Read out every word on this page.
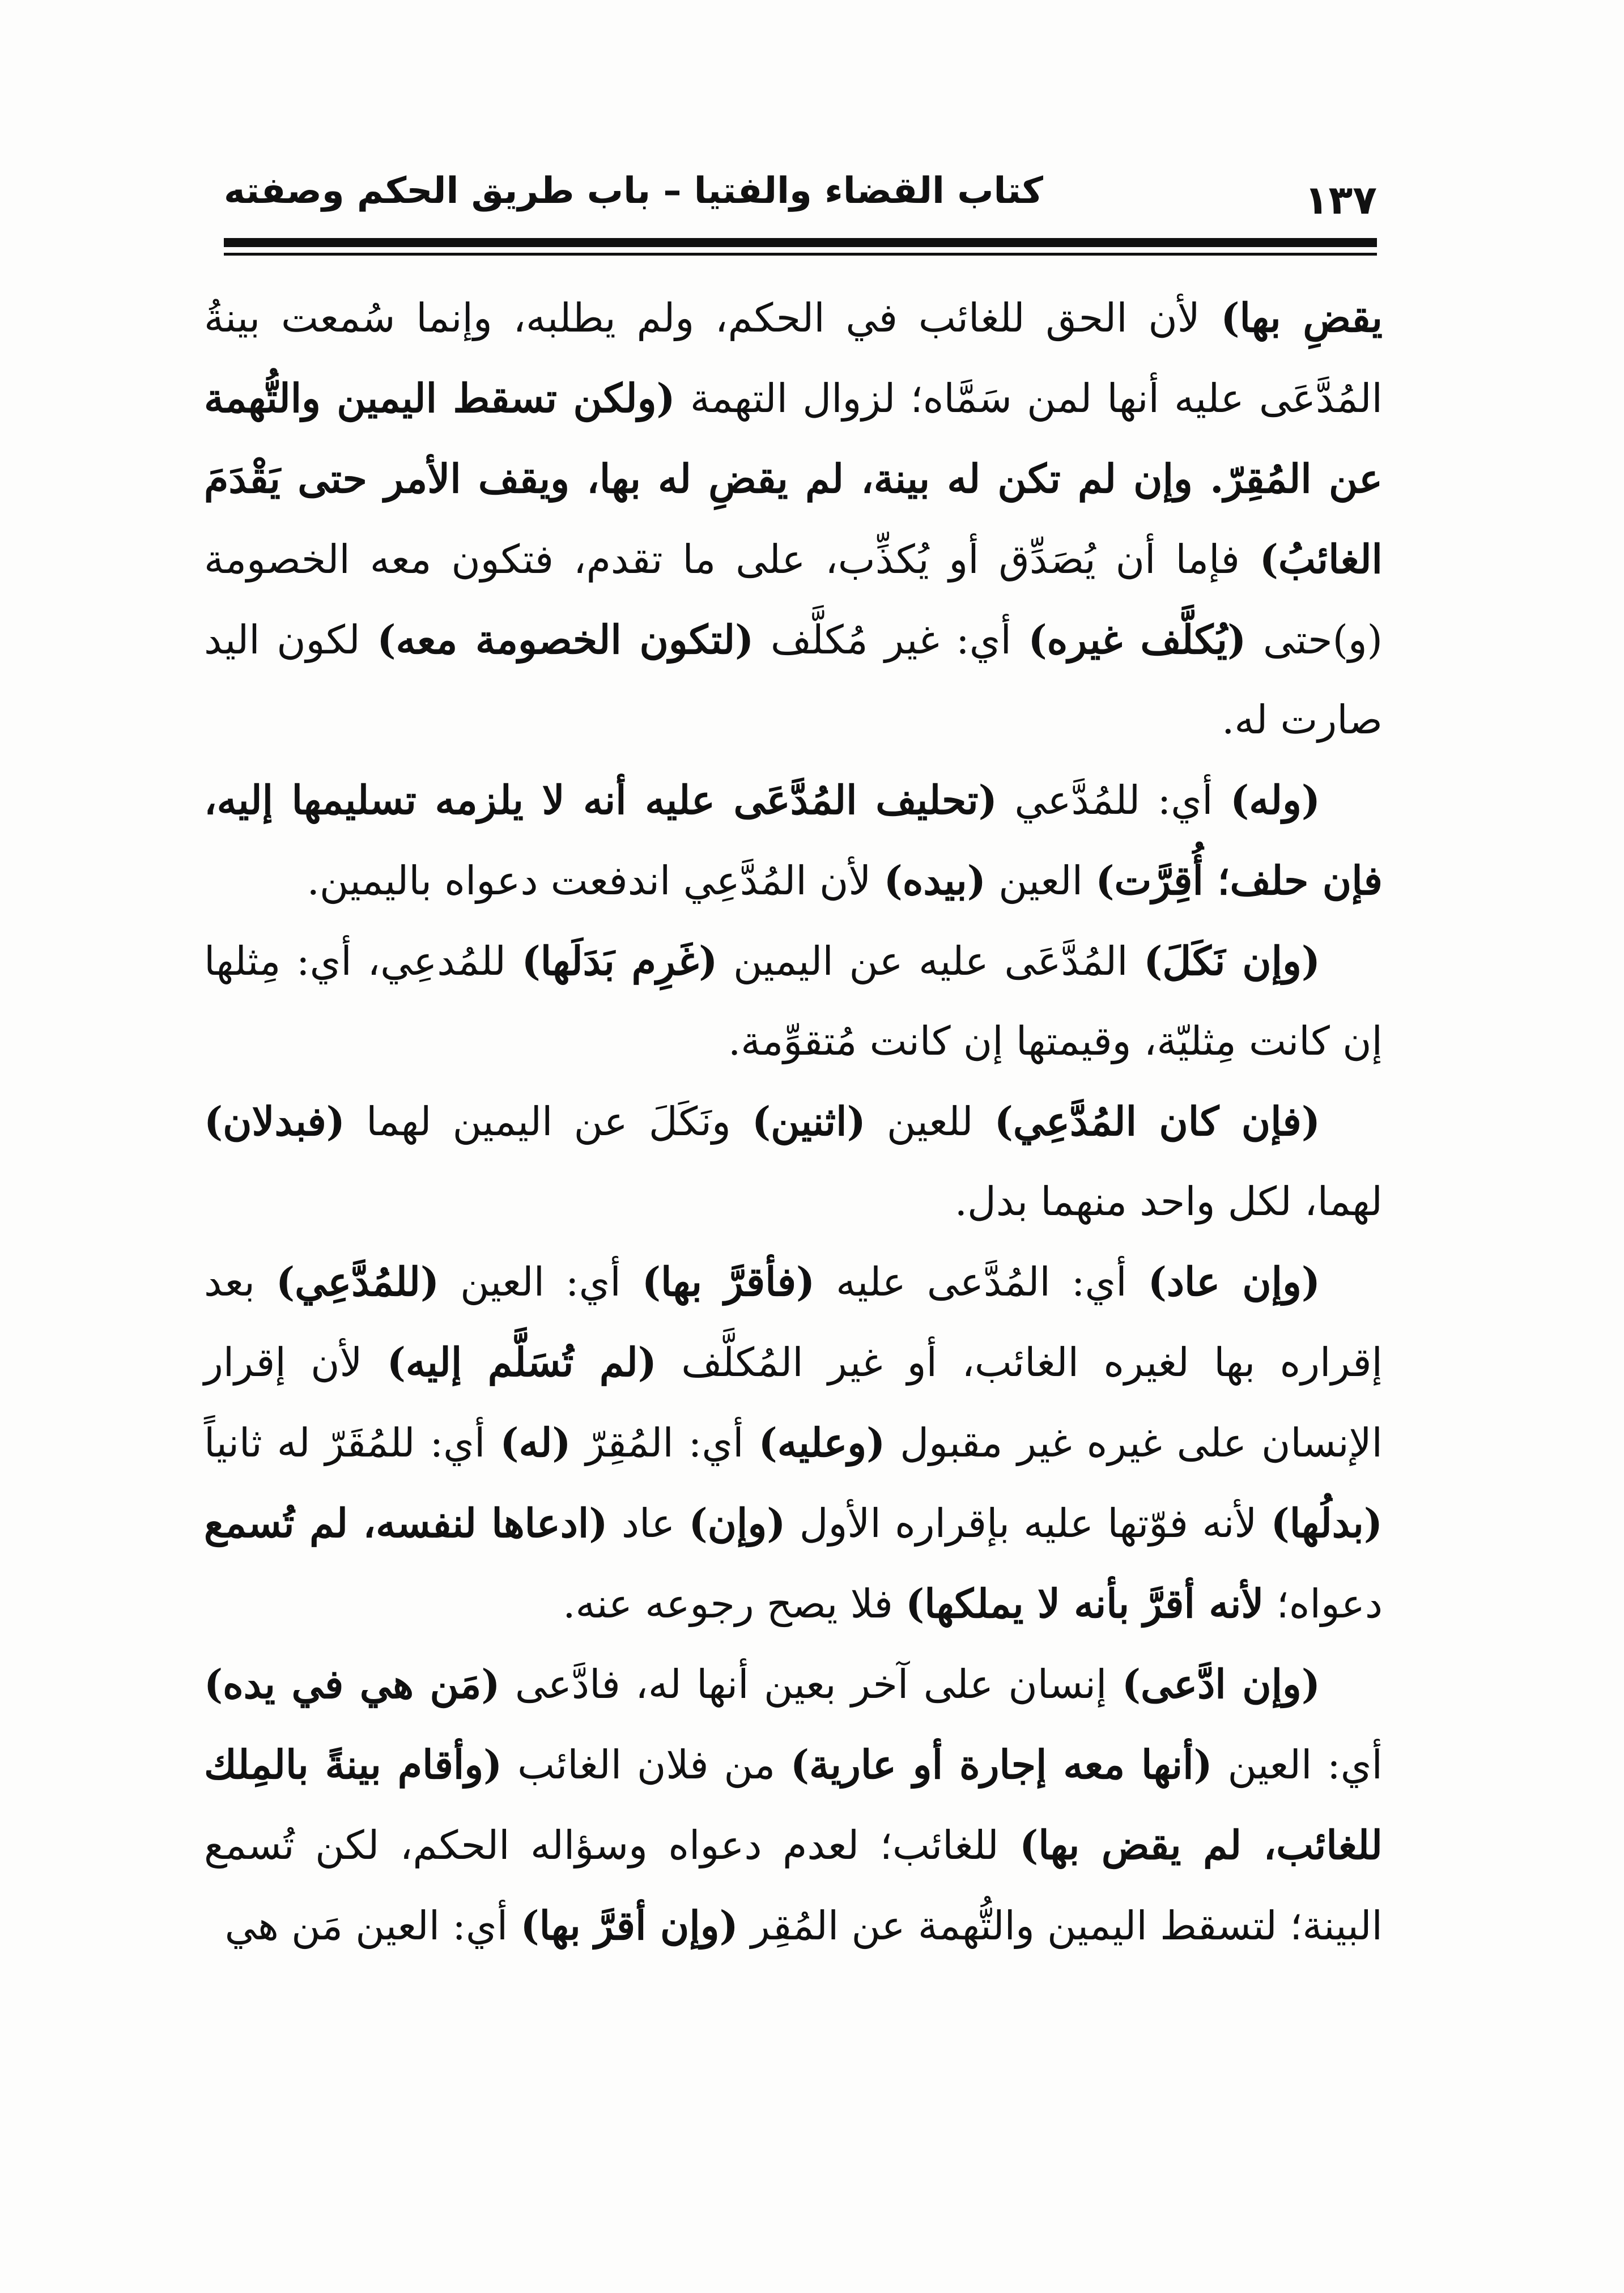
كتاب القضاء والفتيا – باب طريق الحكم وصفته	١٣٧

يقضِ بها) لأن الحق للغائب في الحكم، ولم يطلبه، وإنما سُمعت بينةُ المُدَّعَى عليه أنها لمن سَمَّاه؛ لزوال التهمة (ولكن تسقط اليمين والتُّهمة عن المُقِرّ. وإن لم تكن له بينة، لم يقضِ له بها، ويقف الأمر حتى يَقْدَمَ الغائبُ) فإما أن يُصَدِّق أو يُكذِّب، على ما تقدم، فتكون معه الخصومة (و)حتى (يُكلَّف غيره) أي: غير مُكلَّف (لتكون الخصومة معه) لكون اليد صارت له.

(وله) أي: للمُدَّعي (تحليف المُدَّعَى عليه أنه لا يلزمه تسليمها إليه، فإن حلف؛ أُقِرَّت) العين (بيده) لأن المُدَّعِي اندفعت دعواه باليمين.

(وإن نَكَلَ) المُدَّعَى عليه عن اليمين (غَرِم بَدَلَها) للمُدعِي، أي: مِثلها إن كانت مِثليّة، وقيمتها إن كانت مُتقوِّمة.

(فإن كان المُدَّعِي) للعين (اثنين) ونَكَلَ عن اليمين لهما (فبدلان) لهما، لكل واحد منهما بدل.

(وإن عاد) أي: المُدَّعى عليه (فأقرَّ بها) أي: العين (للمُدَّعِي) بعد إقراره بها لغيره الغائب، أو غير المُكلَّف (لم تُسَلَّم إليه) لأن إقرار الإنسان على غيره غير مقبول (وعليه) أي: المُقِرّ (له) أي: للمُقَرّ له ثانياً (بدلُها) لأنه فوّتها عليه بإقراره الأول (وإن) عاد (ادعاها لنفسه، لم تُسمع دعواه؛ لأنه أقرَّ بأنه لا يملكها) فلا يصح رجوعه عنه.

(وإن ادَّعى) إنسان على آخر بعين أنها له، فادَّعى (مَن هي في يده) أي: العين (أنها معه إجارة أو عارية) من فلان الغائب (وأقام بينةً بالمِلك للغائب، لم يقض بها) للغائب؛ لعدم دعواه وسؤاله الحكم، لكن تُسمع البينة؛ لتسقط اليمين والتُّهمة عن المُقِر (وإن أقرَّ بها) أي: العين مَن هي
